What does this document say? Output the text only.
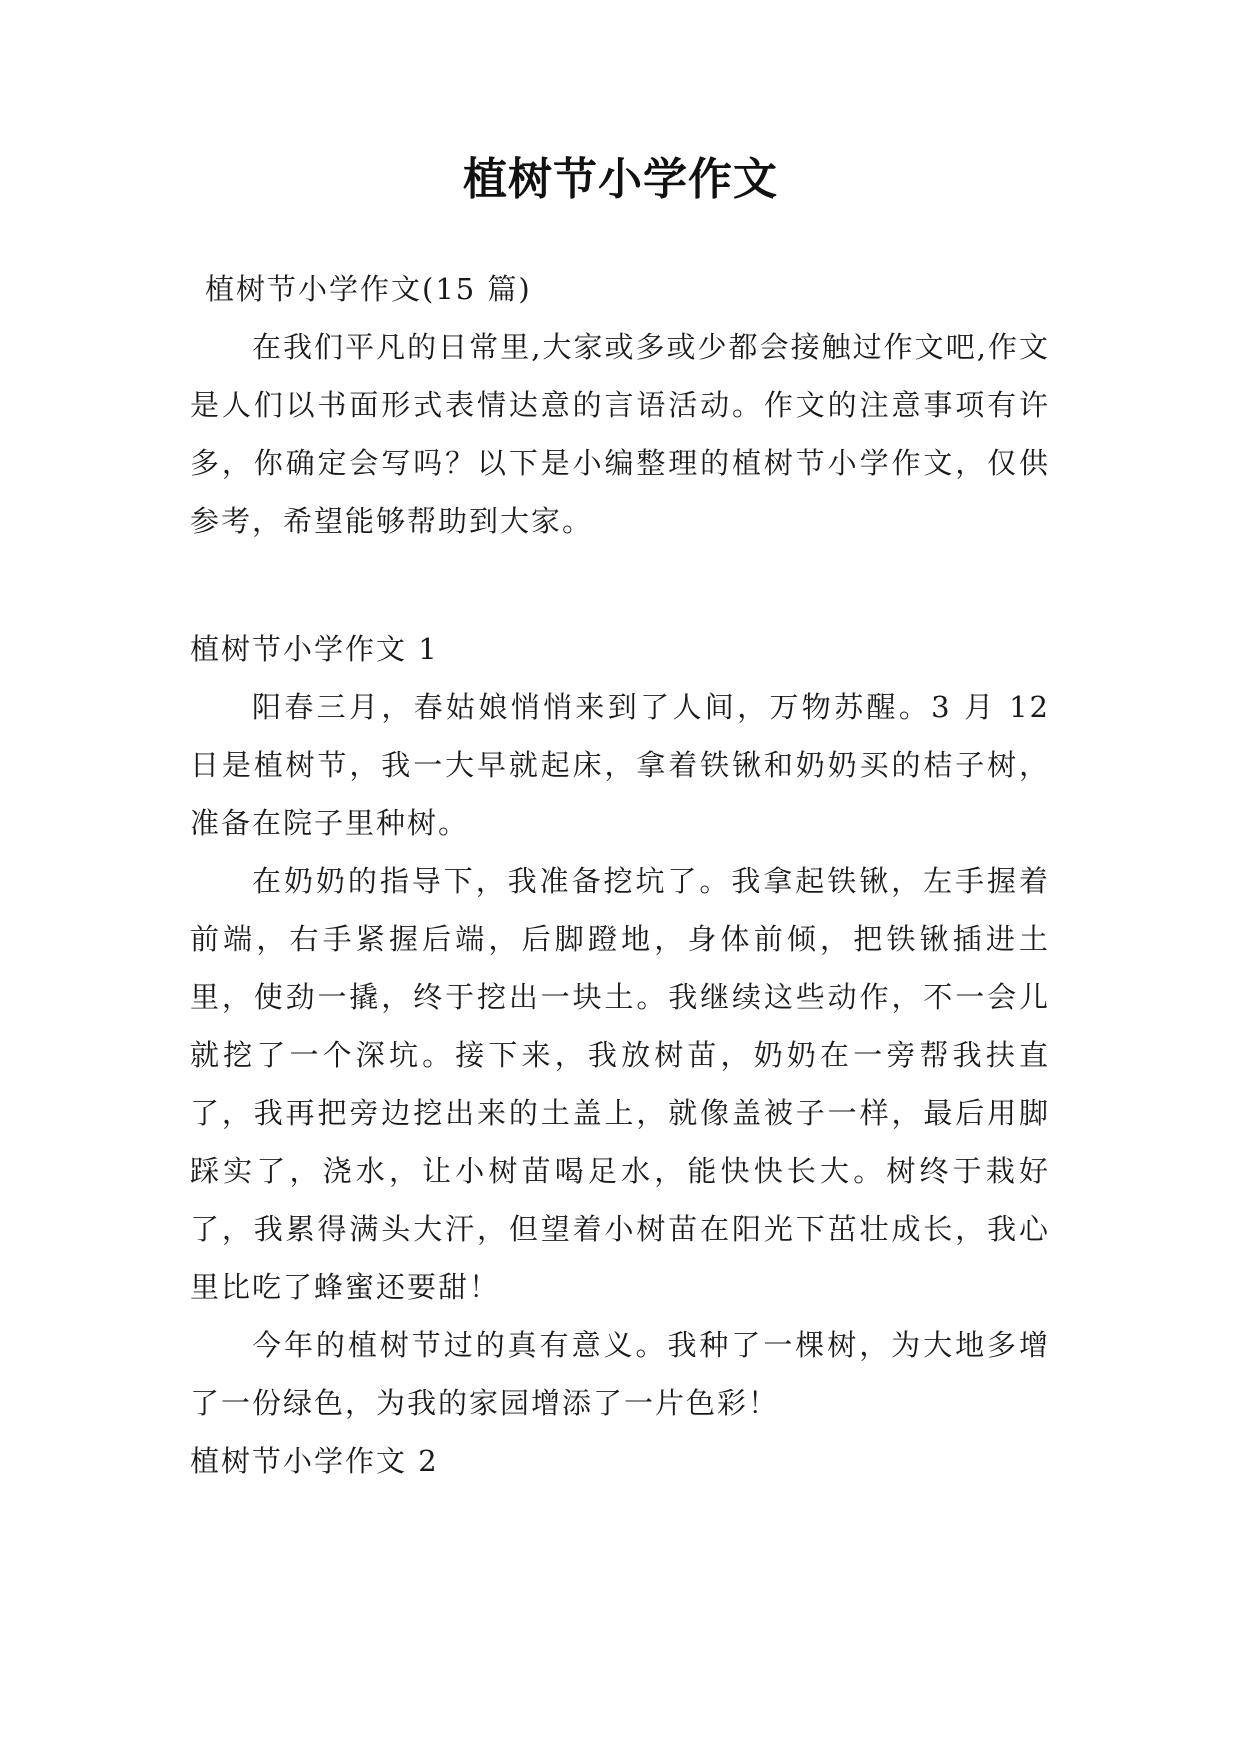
植树节小学作文

植树节小学作文(15 篇)

在我们平凡的日常里,大家或多或少都会接触过作文吧,作文是人们以书面形式表情达意的言语活动。作文的注意事项有许多，你确定会写吗？以下是小编整理的植树节小学作文，仅供参考，希望能够帮助到大家。

植树节小学作文 1

阳春三月，春姑娘悄悄来到了人间，万物苏醒。3 月 12 日是植树节，我一大早就起床，拿着铁锹和奶奶买的桔子树，准备在院子里种树。

在奶奶的指导下，我准备挖坑了。我拿起铁锹，左手握着前端，右手紧握后端，后脚蹬地，身体前倾，把铁锹插进土里，使劲一撬，终于挖出一块土。我继续这些动作，不一会儿就挖了一个深坑。接下来，我放树苗，奶奶在一旁帮我扶直了，我再把旁边挖出来的土盖上，就像盖被子一样，最后用脚踩实了，浇水，让小树苗喝足水，能快快长大。树终于栽好了，我累得满头大汗，但望着小树苗在阳光下茁壮成长，我心里比吃了蜂蜜还要甜！

今年的植树节过的真有意义。我种了一棵树，为大地多增了一份绿色，为我的家园增添了一片色彩！

植树节小学作文 2
